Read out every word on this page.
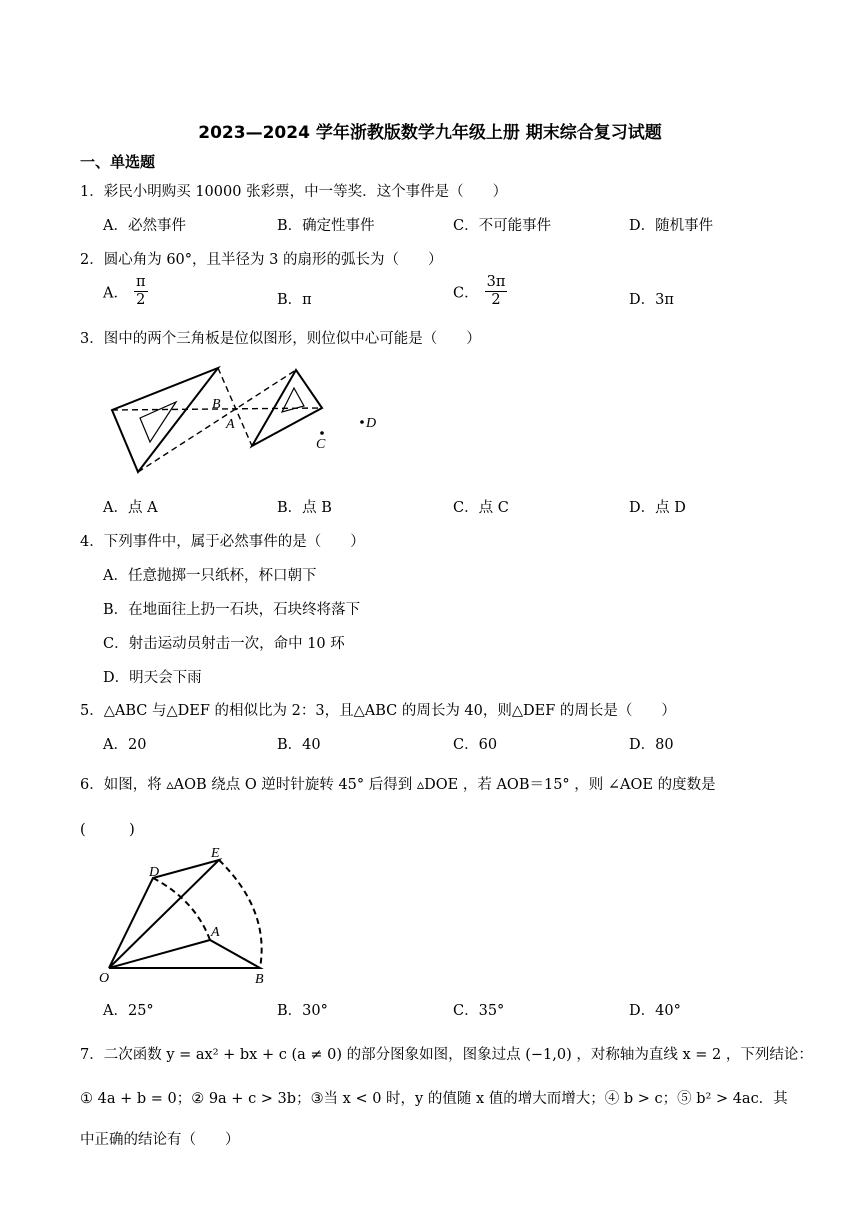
2023—2024 学年浙教版数学九年级上册 期末综合复习试题
一、单选题
1．彩民小明购买 10000 张彩票，中一等奖．这个事件是（　　）
A．必然事件	B．确定性事件	C．不可能事件	D．随机事件
2．圆心角为 60°，且半径为 3 的扇形的弧长为（　　）
A． $\frac{\pi}{2}$	B．π	C． $\frac{3\pi}{2}$	D．3π
3．图中的两个三角板是位似图形，则位似中心可能是（　　）
B
A
C
D
A．点 A	B．点 B	C．点 C	D．点 D
4．下列事件中，属于必然事件的是（　　）
A．任意抛掷一只纸杯，杯口朝下
B．在地面往上扔一石块，石块终将落下
C．射击运动员射击一次，命中 10 环
D．明天会下雨
5．△ABC 与△DEF 的相似比为 2：3，且△ABC 的周长为 40，则△DEF 的周长是（　　）
A．20	B．40	C．60	D．80
6．如图，将 ▵AOB 绕点 O 逆时针旋转 45° 后得到 ▵DOE ，若 AOB＝15° ，则 ∠AOE 的度数是
(　　　)
D
E
A
O	B
A．25°	B．30°	C．35°	D．40°
7．二次函数 y = ax² + bx + c (a ≠ 0) 的部分图象如图，图象过点 (−1,0) ，对称轴为直线 x = 2 ，下列结论：
① 4a + b = 0；② 9a + c > 3b；③当 x < 0 时，y 的值随 x 值的增大而增大；④ b > c；⑤ b² > 4ac．其
中正确的结论有（　　）
